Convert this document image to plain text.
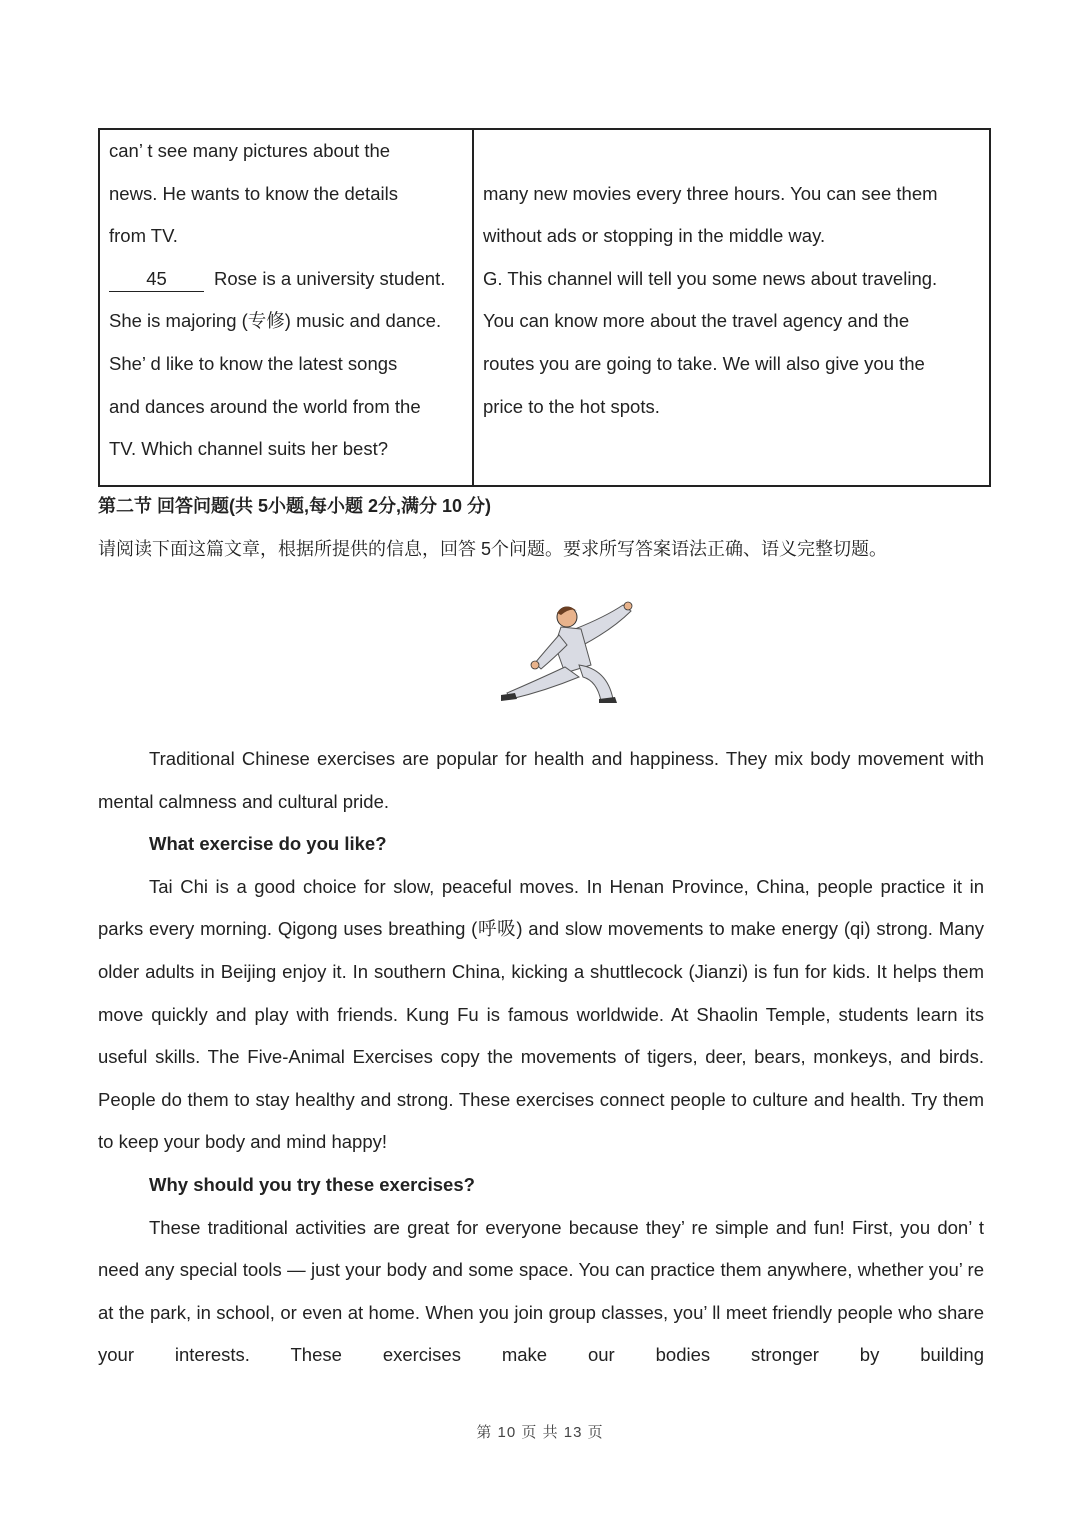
can’ t see many pictures about the
news. He wants to know the details
from TV.
45	Rose is a university student.
She is majoring (专修) music and dance.
She’ d like to know the latest songs
and dances around the world from the
TV. Which channel suits her best?
many new movies every three hours. You can see them
without ads or stopping in the middle way.
G. This channel will tell you some news about traveling.
You can know more about the travel agency and the
routes you are going to take. We will also give you the
price to the hot spots.
第二节 回答问题(共 5小题,每小题 2分,满分 10 分)
请阅读下面这篇文章，根据所提供的信息，回答 5个问题。要求所写答案语法正确、语义完整切题。

Traditional Chinese exercises are popular for health and happiness. They mix body movement with mental calmness and cultural pride.

What exercise do you like?

Tai Chi is a good choice for slow, peaceful moves. In Henan Province, China, people practice it in parks every morning. Qigong uses breathing (呼吸) and slow movements to make energy (qi) strong. Many older adults in Beijing enjoy it. In southern China, kicking a shuttlecock (Jianzi) is fun for kids. It helps them move quickly and play with friends. Kung Fu is famous worldwide. At Shaolin Temple, students learn its useful skills. The Five-Animal Exercises copy the movements of tigers, deer, bears, monkeys, and birds. People do them to stay healthy and strong. These exercises connect people to culture and health. Try them to keep your body and mind happy!

Why should you try these exercises?

These traditional activities are great for everyone because they’ re simple and fun! First, you don’ t need any special tools — just your body and some space. You can practice them anywhere, whether you’ re at the park, in school, or even at home. When you join group classes, you’ ll meet friendly people who share your interests. These exercises make our bodies stronger by building

第 10 页 共 13 页
